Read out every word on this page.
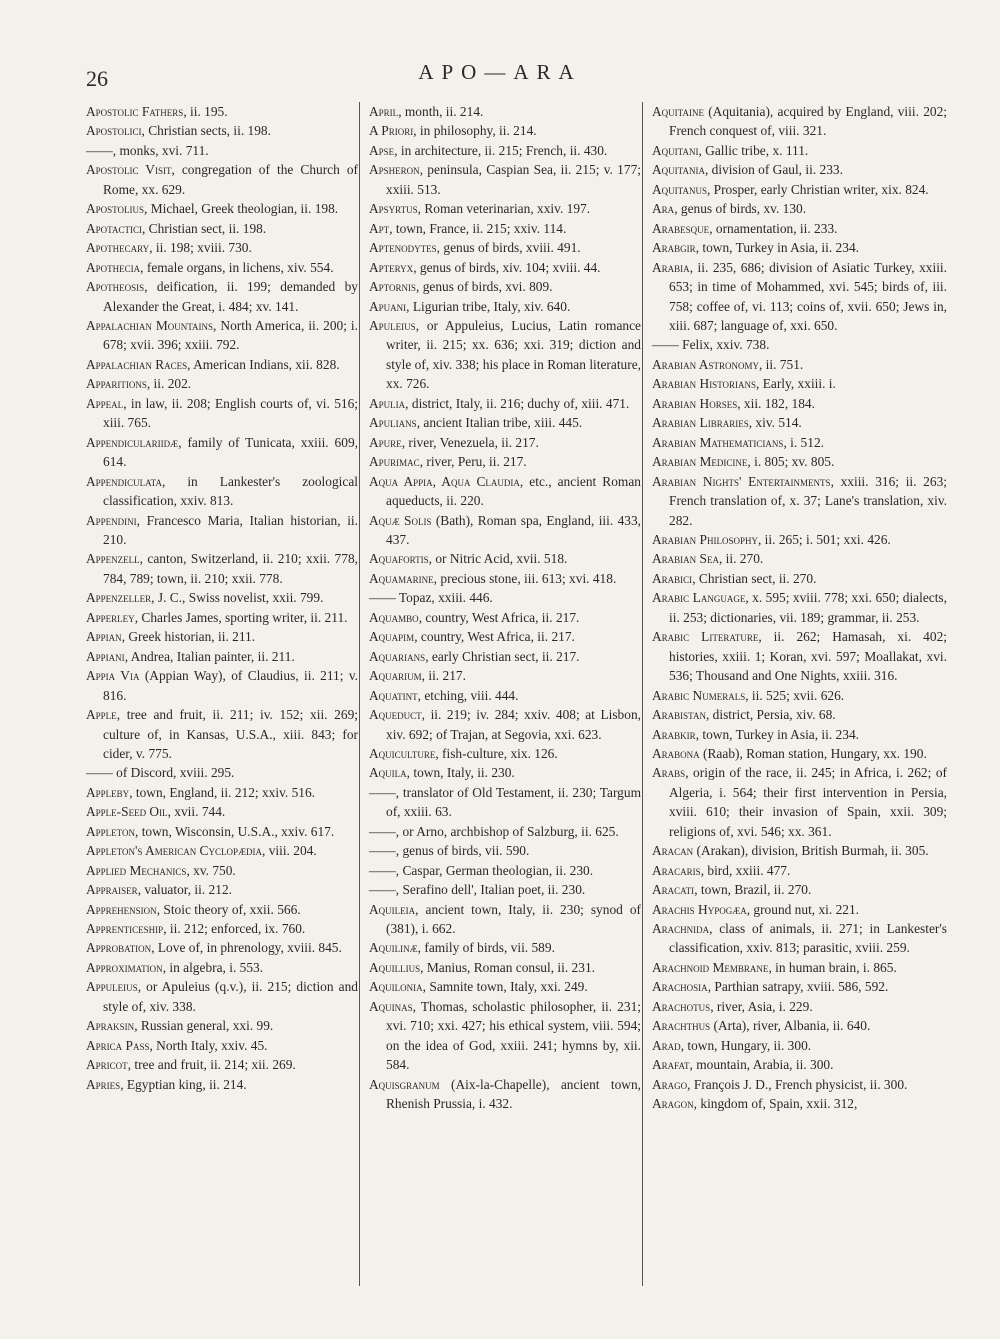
26	APO—ARA
Apostolic Fathers, ii. 195.
Apostolici, Christian sects, ii. 198.
——, monks, xvi. 711.
Apostolic Visit, congregation of the Church of Rome, xx. 629.
Apostolius, Michael, Greek theologian, ii. 198.
Apotactici, Christian sect, ii. 198.
Apothecary, ii. 198; xviii. 730.
Apothecia, female organs, in lichens, xiv. 554.
Apotheosis, deification, ii. 199; demanded by Alexander the Great, i. 484; xv. 141.
Appalachian Mountains, North America, ii. 200; i. 678; xvii. 396; xxiii. 792.
Appalachian Races, American Indians, xii. 828.
Apparitions, ii. 202.
Appeal, in law, ii. 208; English courts of, vi. 516; xiii. 765.
Appendiculariidæ, family of Tunicata, xxiii. 609, 614.
Appendiculata, in Lankester's zoological classification, xxiv. 813.
Appendini, Francesco Maria, Italian historian, ii. 210.
Appenzell, canton, Switzerland, ii. 210; xxii. 778, 784, 789; town, ii. 210; xxii. 778.
Appenzeller, J. C., Swiss novelist, xxii. 799.
Apperley, Charles James, sporting writer, ii. 211.
Appian, Greek historian, ii. 211.
Appiani, Andrea, Italian painter, ii. 211.
Appia Via (Appian Way), of Claudius, ii. 211; v. 816.
Apple, tree and fruit, ii. 211; iv. 152; xii. 269; culture of, in Kansas, U.S.A., xiii. 843; for cider, v. 775.
—— of Discord, xviii. 295.
Appleby, town, England, ii. 212; xxiv. 516.
Apple-Seed Oil, xvii. 744.
Appleton, town, Wisconsin, U.S.A., xxiv. 617.
Appleton's American Cyclopædia, viii. 204.
Applied Mechanics, xv. 750.
Appraiser, valuator, ii. 212.
Apprehension, Stoic theory of, xxii. 566.
Apprenticeship, ii. 212; enforced, ix. 760.
Approbation, Love of, in phrenology, xviii. 845.
Approximation, in algebra, i. 553.
Appuleius, or Apuleius (q.v.), ii. 215; diction and style of, xiv. 338.
Apraksin, Russian general, xxi. 99.
Aprica Pass, North Italy, xxiv. 45.
Apricot, tree and fruit, ii. 214; xii. 269.
Apries, Egyptian king, ii. 214.
April, month, ii. 214.
A Priori, in philosophy, ii. 214.
Apse, in architecture, ii. 215; French, ii. 430.
Apsheron, peninsula, Caspian Sea, ii. 215; v. 177; xxiii. 513.
Apsyrtus, Roman veterinarian, xxiv. 197.
Apt, town, France, ii. 215; xxiv. 114.
Aptenodytes, genus of birds, xviii. 491.
Apteryx, genus of birds, xiv. 104; xviii. 44.
Aptornis, genus of birds, xvi. 809.
Apuani, Ligurian tribe, Italy, xiv. 640.
Apuleius, or Appuleius, Lucius, Latin romance writer, ii. 215; xx. 636; xxi. 319; diction and style of, xiv. 338; his place in Roman literature, xx. 726.
Apulia, district, Italy, ii. 216; duchy of, xiii. 471.
Apulians, ancient Italian tribe, xiii. 445.
Apure, river, Venezuela, ii. 217.
Apurimac, river, Peru, ii. 217.
Aqua Appia, Aqua Claudia, etc., ancient Roman aqueducts, ii. 220.
Aquæ Solis (Bath), Roman spa, England, iii. 433, 437.
Aquafortis, or Nitric Acid, xvii. 518.
Aquamarine, precious stone, iii. 613; xvi. 418.
—— Topaz, xxiii. 446.
Aquambo, country, West Africa, ii. 217.
Aquapim, country, West Africa, ii. 217.
Aquarians, early Christian sect, ii. 217.
Aquarium, ii. 217.
Aquatint, etching, viii. 444.
Aqueduct, ii. 219; iv. 284; xxiv. 408; at Lisbon, xiv. 692; of Trajan, at Segovia, xxi. 623.
Aquiculture, fish-culture, xix. 126.
Aquila, town, Italy, ii. 230.
——, translator of Old Testament, ii. 230; Targum of, xxiii. 63.
——, or Arno, archbishop of Salzburg, ii. 625.
——, genus of birds, vii. 590.
——, Caspar, German theologian, ii. 230.
——, Serafino dell', Italian poet, ii. 230.
Aquileia, ancient town, Italy, ii. 230; synod of (381), i. 662.
Aquilinæ, family of birds, vii. 589.
Aquillius, Manius, Roman consul, ii. 231.
Aquilonia, Samnite town, Italy, xxi. 249.
Aquinas, Thomas, scholastic philosopher, ii. 231; xvi. 710; xxi. 427; his ethical system, viii. 594; on the idea of God, xxiii. 241; hymns by, xii. 584.
Aquisgranum (Aix-la-Chapelle), ancient town, Rhenish Prussia, i. 432.
Aquitaine (Aquitania), acquired by England, viii. 202; French conquest of, viii. 321.
Aquitani, Gallic tribe, x. 111.
Aquitania, division of Gaul, ii. 233.
Aquitanus, Prosper, early Christian writer, xix. 824.
Ara, genus of birds, xv. 130.
Arabesque, ornamentation, ii. 233.
Arabgir, town, Turkey in Asia, ii. 234.
Arabia, ii. 235, 686; division of Asiatic Turkey, xxiii. 653; in time of Mohammed, xvi. 545; birds of, iii. 758; coffee of, vi. 113; coins of, xvii. 650; Jews in, xiii. 687; language of, xxi. 650.
—— Felix, xxiv. 738.
Arabian Astronomy, ii. 751.
Arabian Historians, Early, xxiii. i.
Arabian Horses, xii. 182, 184.
Arabian Libraries, xiv. 514.
Arabian Mathematicians, i. 512.
Arabian Medicine, i. 805; xv. 805.
Arabian Nights' Entertainments, xxiii. 316; ii. 263; French translation of, x. 37; Lane's translation, xiv. 282.
Arabian Philosophy, ii. 265; i. 501; xxi. 426.
Arabian Sea, ii. 270.
Arabici, Christian sect, ii. 270.
Arabic Language, x. 595; xviii. 778; xxi. 650; dialects, ii. 253; dictionaries, vii. 189; grammar, ii. 253.
Arabic Literature, ii. 262; Hamasah, xi. 402; histories, xxiii. 1; Koran, xvi. 597; Moallakat, xvi. 536; Thousand and One Nights, xxiii. 316.
Arabic Numerals, ii. 525; xvii. 626.
Arabistan, district, Persia, xiv. 68.
Arabkir, town, Turkey in Asia, ii. 234.
Arabona (Raab), Roman station, Hungary, xx. 190.
Arabs, origin of the race, ii. 245; in Africa, i. 262; of Algeria, i. 564; their first intervention in Persia, xviii. 610; their invasion of Spain, xxii. 309; religions of, xvi. 546; xx. 361.
Aracan (Arakan), division, British Burmah, ii. 305.
Aracaris, bird, xxiii. 477.
Aracati, town, Brazil, ii. 270.
Arachis Hypogæa, ground nut, xi. 221.
Arachnida, class of animals, ii. 271; in Lankester's classification, xxiv. 813; parasitic, xviii. 259.
Arachnoid Membrane, in human brain, i. 865.
Arachosia, Parthian satrapy, xviii. 586, 592.
Arachotus, river, Asia, i. 229.
Arachthus (Arta), river, Albania, ii. 640.
Arad, town, Hungary, ii. 300.
Arafat, mountain, Arabia, ii. 300.
Arago, François J. D., French physicist, ii. 300.
Aragon, kingdom of, Spain, xxii. 312,
